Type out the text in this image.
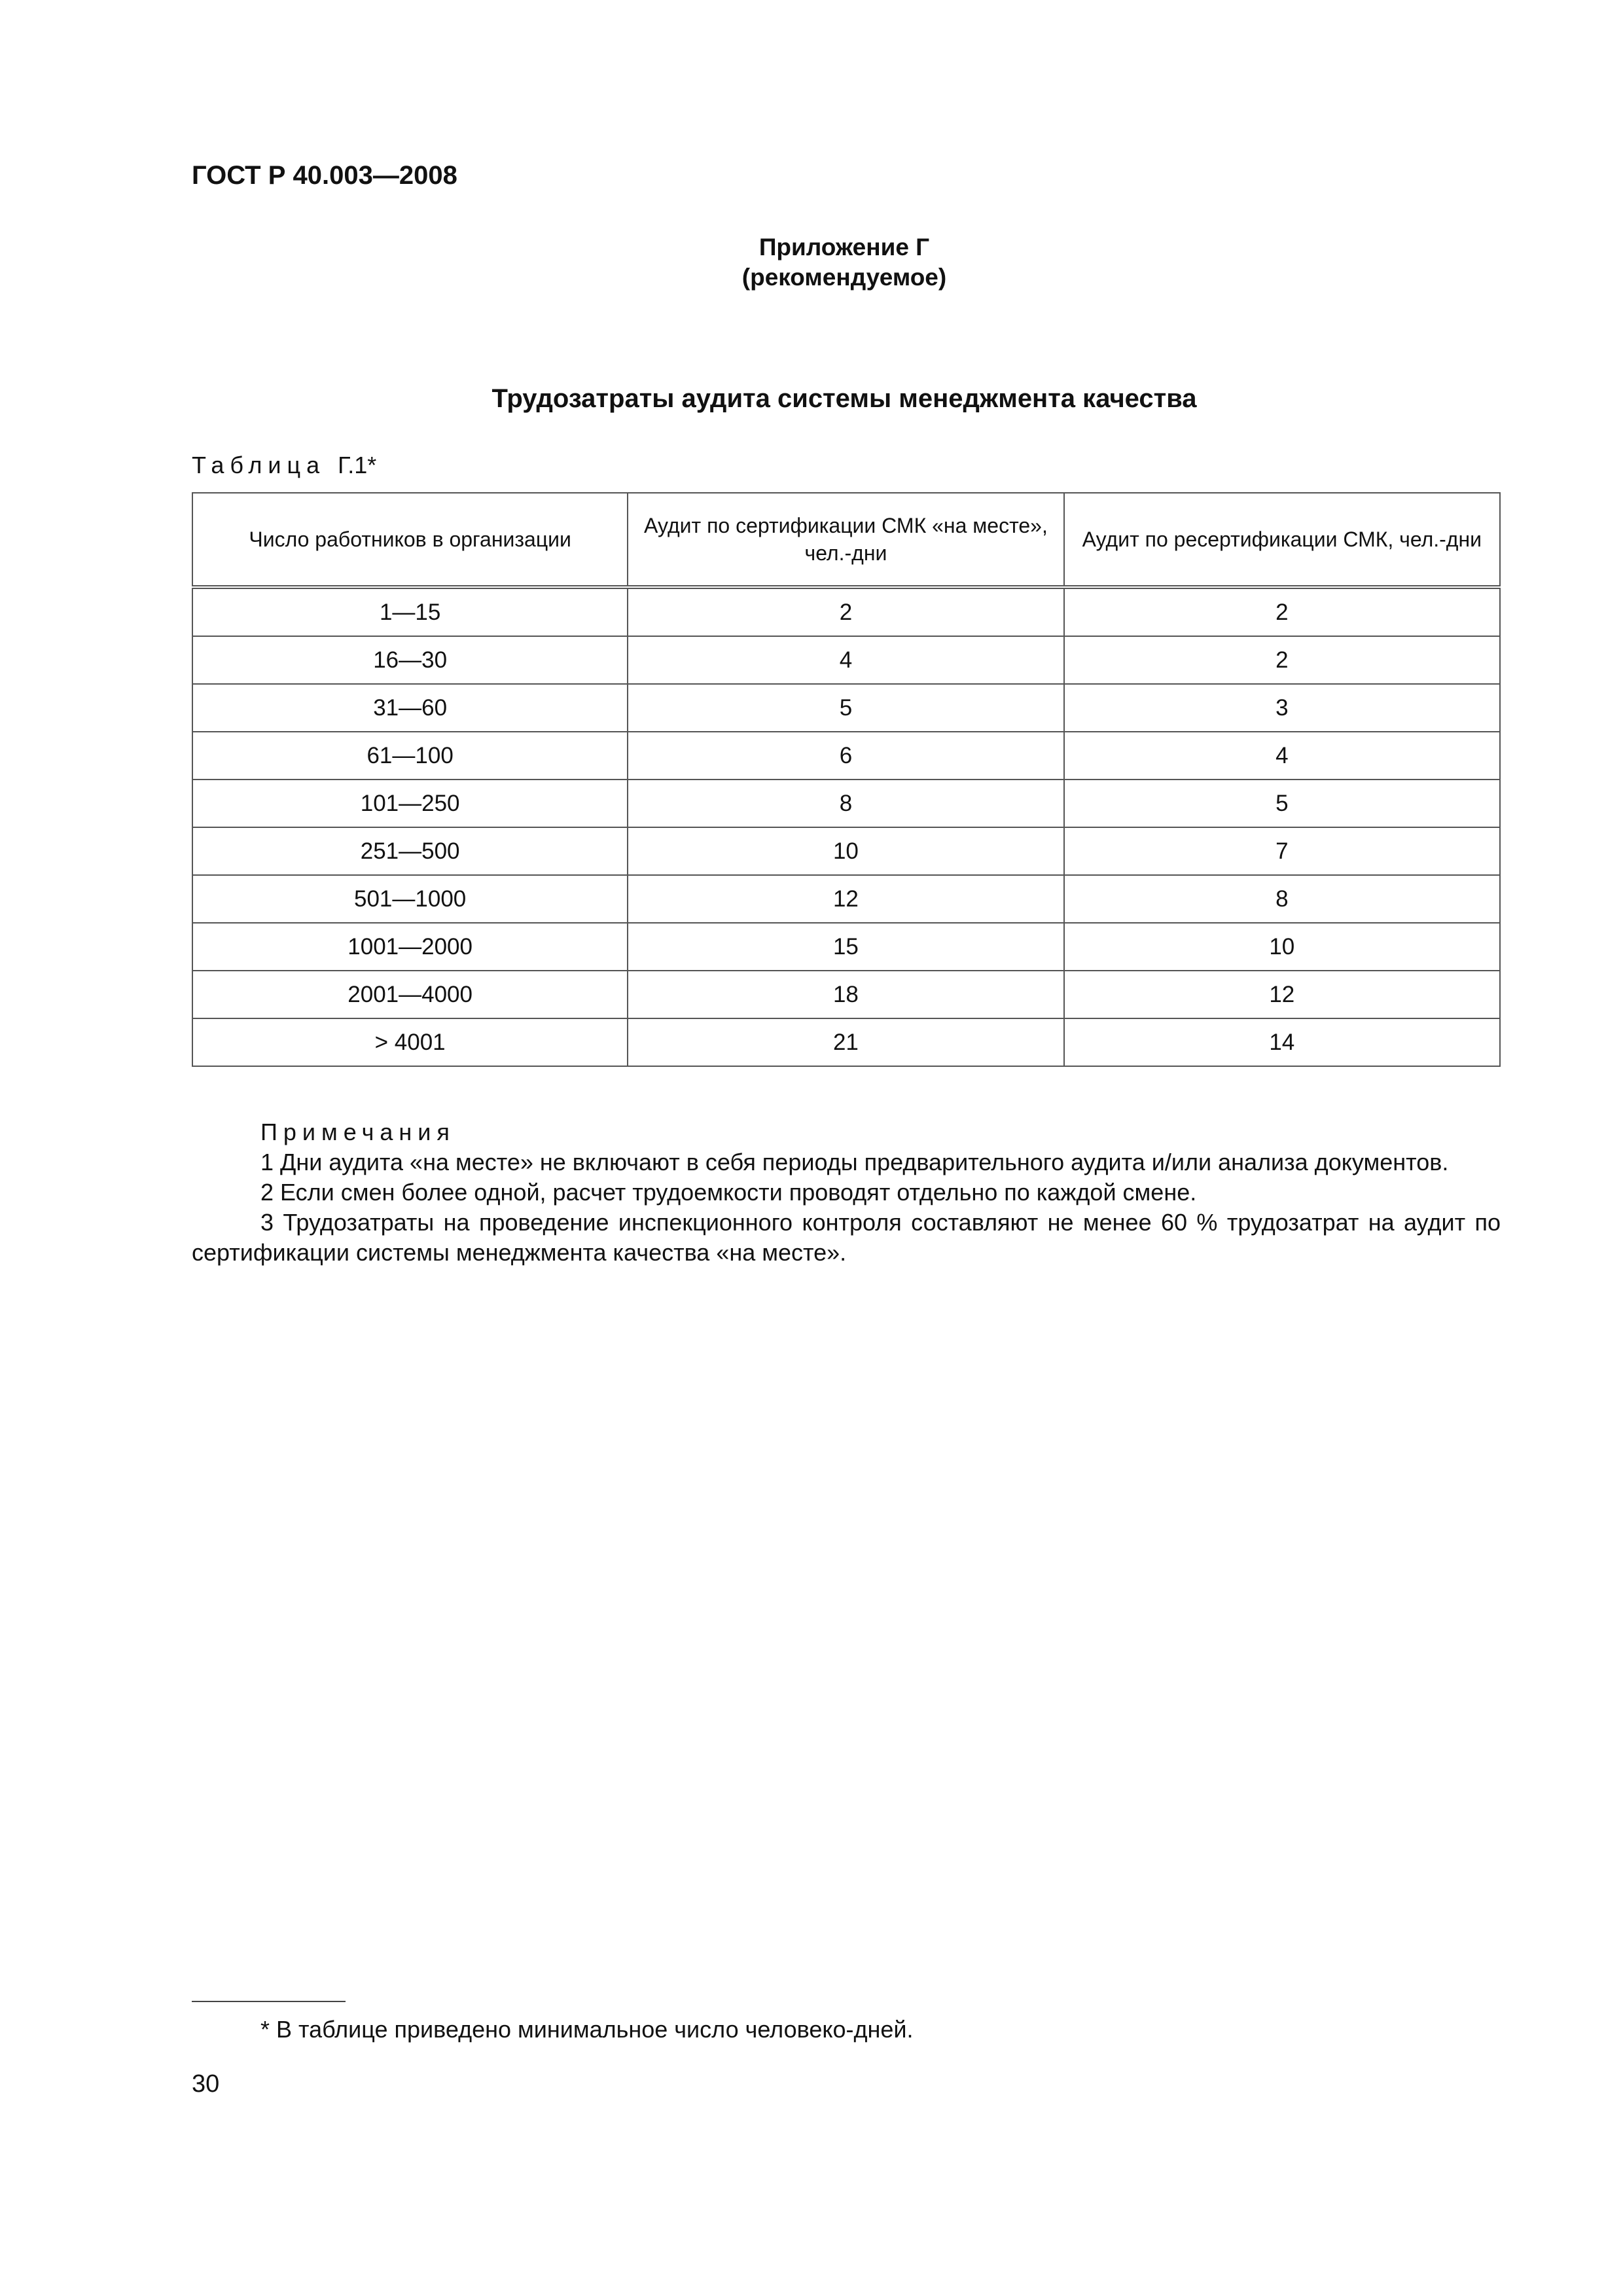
ГОСТ Р 40.003—2008
Приложение Г
(рекомендуемое)
Трудозатраты аудита системы менеджмента качества
Таблица Г.1*
Число работников в организации	Аудит по сертификации СМК «на месте», чел.-дни	Аудит по ресертификации СМК, чел.-дни
1—15	2	2
16—30	4	2
31—60	5	3
61—100	6	4
101—250	8	5
251—500	10	7
501—1000	12	8
1001—2000	15	10
2001—4000	18	12
> 4001	21	14
Примечания
1 Дни аудита «на месте» не включают в себя периоды предварительного аудита и/или анализа документов.
2 Если смен более одной, расчет трудоемкости проводят отдельно по каждой смене.
3 Трудозатраты на проведение инспекционного контроля составляют не менее 60 % трудозатрат на аудит по сертификации системы менеджмента качества «на месте».
* В таблице приведено минимальное число человеко-дней.
30
